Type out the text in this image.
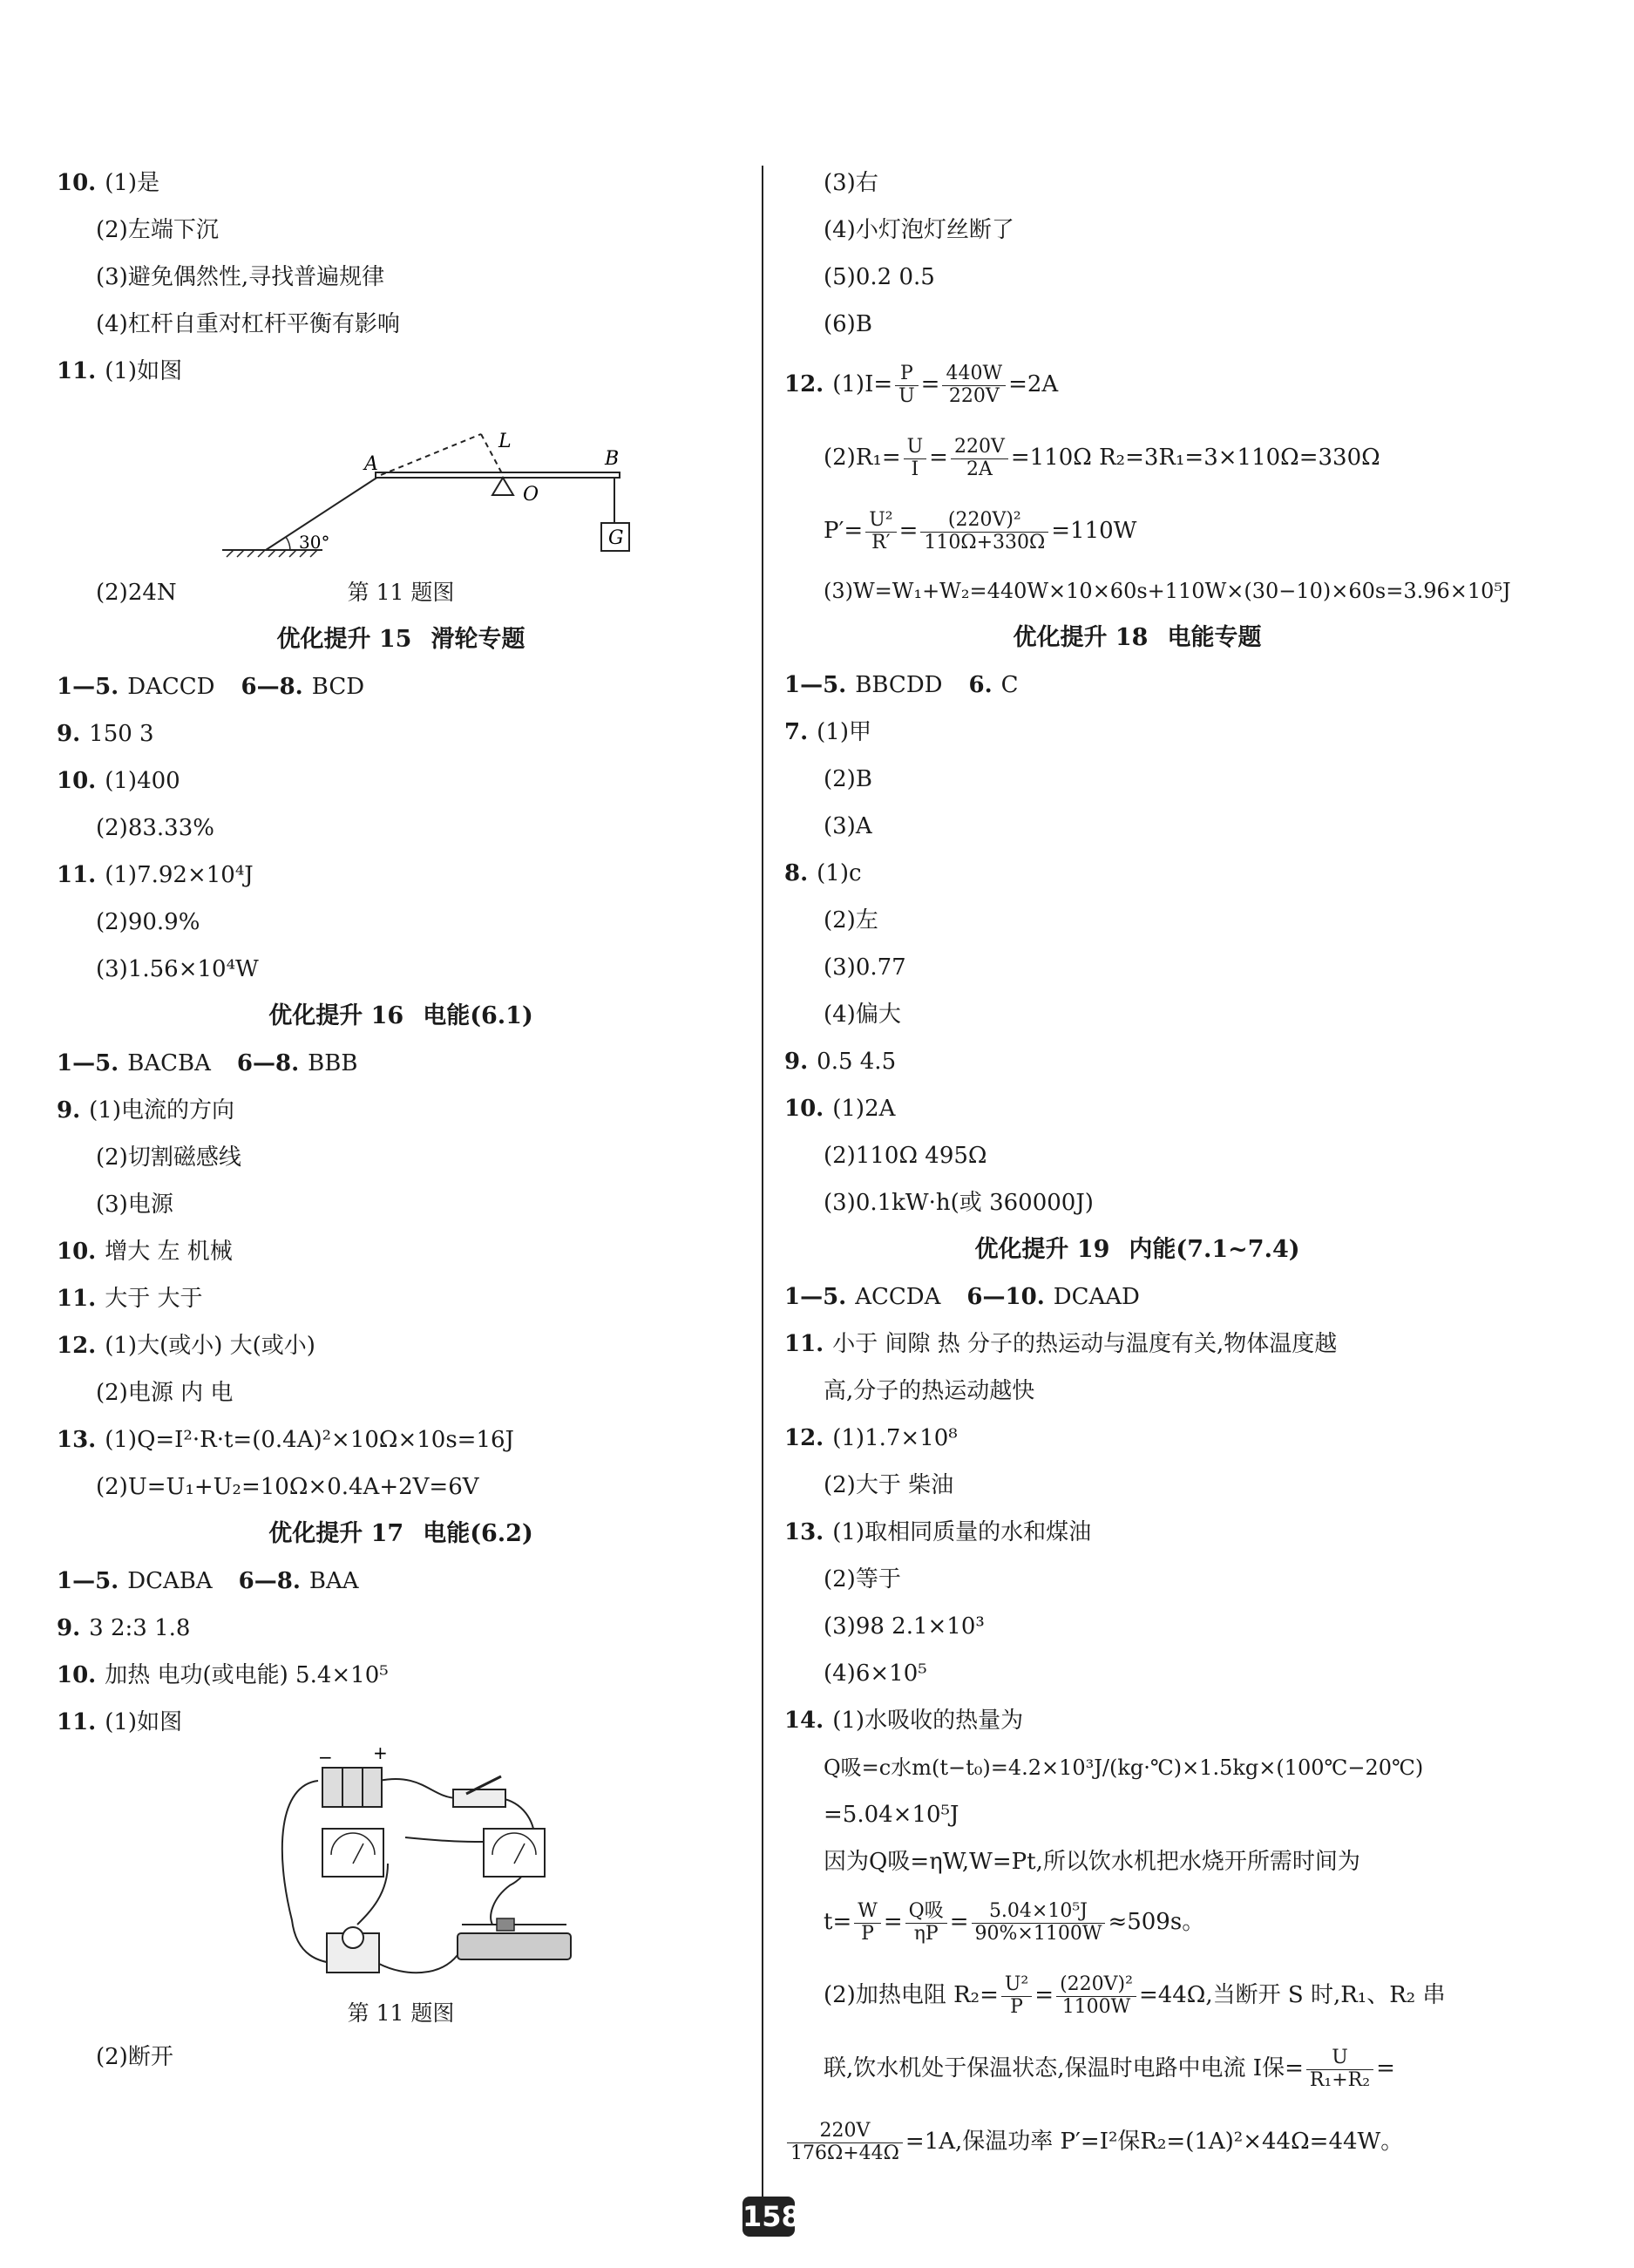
10. (1)是
(2)左端下沉
(3)避免偶然性,寻找普遍规律
(4)杠杆自重对杠杆平衡有影响
11. (1)如图
A
L
B
O
G
30°
第 11 题图
(2)24N
优化提升 15 滑轮专题
1—5. DACCD 6—8. BCD
9. 150 3
10. (1)400
(2)83.33%
11. (1)7.92×10⁴J
(2)90.9%
(3)1.56×10⁴W
优化提升 16 电能(6.1)
1—5. BACBA 6—8. BBB
9. (1)电流的方向
(2)切割磁感线
(3)电源
10. 增大 左 机械
11. 大于 大于
12. (1)大(或小) 大(或小)
(2)电源 内 电
13. (1)Q=I²·R·t=(0.4A)²×10Ω×10s=16J
(2)U=U₁+U₂=10Ω×0.4A+2V=6V
优化提升 17 电能(6.2)
1—5. DCABA 6—8. BAA
9. 3 2:3 1.8
10. 加热 电功(或电能) 5.4×10⁵
11. (1)如图
− +
第 11 题图
(2)断开
(3)右
(4)小灯泡灯丝断了
(5)0.2 0.5
(6)B
12. $(1)I= \frac{P}{U} = \frac{440W}{220V} =2A$
$(2)R_1= \frac{U}{I} = \frac{220V}{2A} =110\Omega$ R₂=3R₁=3×110Ω=330Ω
$P'= \frac{\text{U²}}{R'} = \frac{\text{(220V)²}}{110\Omega+330\Omega} =110W$
(3)W=W₁+W₂=440W×10×60s+110W×(30−10)×60s=3.96×10⁵J
优化提升 18 电能专题
1—5. BBCDD 6. C
7. (1)甲
(2)B
(3)A
8. (1)c
(2)左
(3)0.77
(4)偏大
9. 0.5 4.5
10. (1)2A
(2)110Ω 495Ω
(3)0.1kW·h(或 360000J)
优化提升 19 内能(7.1~7.4)
1—5. ACCDA 6—10. DCAAD
11. 小于 间隙 热 分子的热运动与温度有关,物体温度越
高,分子的热运动越快
12. (1)1.7×10⁸
(2)大于 柴油
13. (1)取相同质量的水和煤油
(2)等于
(3)98 2.1×10³
(4)6×10⁵
14. (1)水吸收的热量为
Q吸=c水m(t−t₀)=4.2×10³J/(kg·℃)×1.5kg×(100℃−20℃)
=5.04×10⁵J
因为Q吸=ηW,W=Pt,所以饮水机把水烧开所需时间为
$t= \frac{W}{P} = \frac{\text{Q吸}}{\eta P} = \frac{\text{5.04×10⁵J}}{90\%\times 1100W} \approx 509s$。
(2)加热电阻 $R_2= \frac{\text{U²}}{P} = \frac{\text{(220V)²}}{1100W} =44\Omega$,当断开 S 时,R₁、R₂ 串
联,饮水机处于保温状态,保温时电路中电流 I保= $\frac{U}{\text{R₁+R₂}}$ =
$\frac{220V}{176\Omega+44\Omega} =1A$,保温功率 P′=I²保R₂=(1A)²×44Ω=44W。
158
